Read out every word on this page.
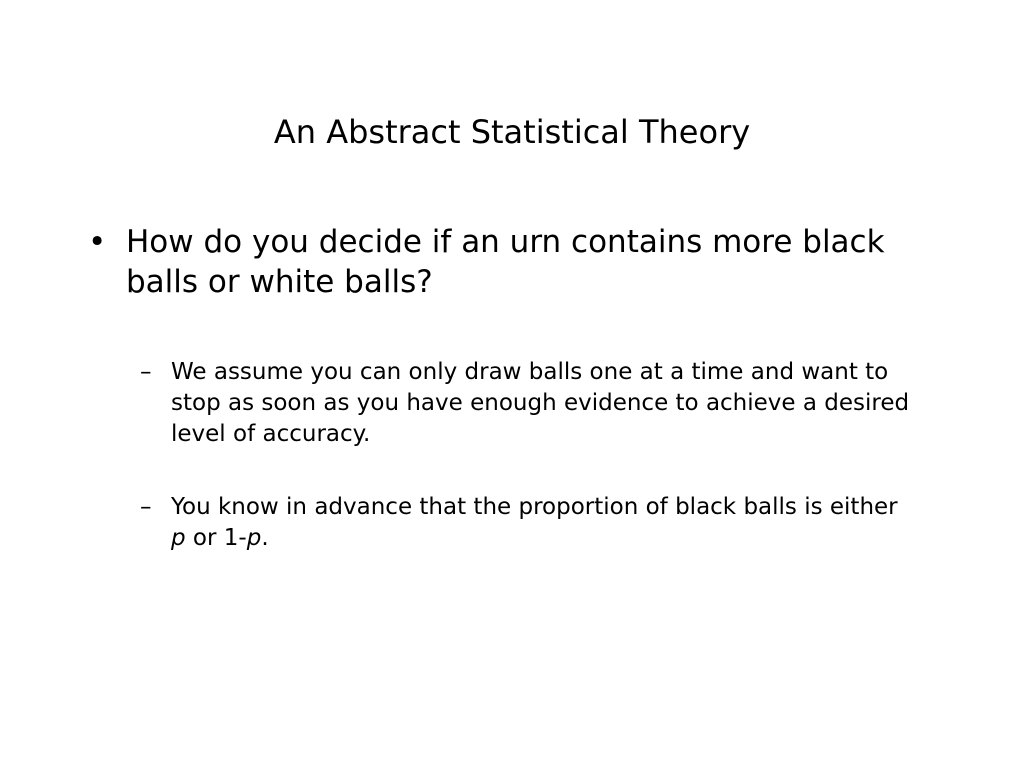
An Abstract Statistical Theory
• How do you decide if an urn contains more black balls or white balls?
– We assume you can only draw balls one at a time and want to stop as soon as you have enough evidence to achieve a desired level of accuracy.
– You know in advance that the proportion of black balls is either p or 1-p.
